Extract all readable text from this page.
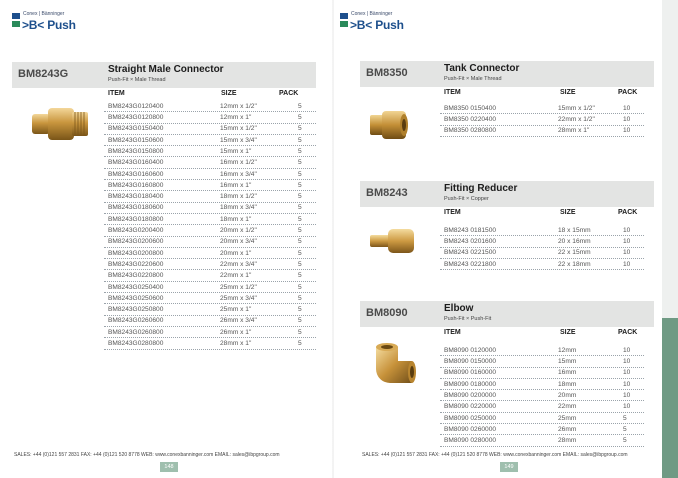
Conex | Bänninger
>B< Push
BM8243G	Straight Male Connector
Push-Fit × Male Thread
ITEM	SIZE	PACK
BM8243G0120400	12mm x 1/2"	5
BM8243G0120800	12mm x 1"	5
BM8243G0150400	15mm x 1/2"	5
BM8243G0150600	15mm x 3/4"	5
BM8243G0150800	15mm x 1"	5
BM8243G0160400	16mm x 1/2"	5
BM8243G0160600	16mm x 3/4"	5
BM8243G0160800	16mm x 1"	5
BM8243G0180400	18mm x 1/2"	5
BM8243G0180600	18mm x 3/4"	5
BM8243G0180800	18mm x 1"	5
BM8243G0200400	20mm x 1/2"	5
BM8243G0200600	20mm x 3/4"	5
BM8243G0200800	20mm x 1"	5
BM8243G0220600	22mm x 3/4"	5
BM8243G0220800	22mm x 1"	5
BM8243G0250400	25mm x 1/2"	5
BM8243G0250600	25mm x 3/4"	5
BM8243G0250800	25mm x 1"	5
BM8243G0260600	26mm x 3/4"	5
BM8243G0260800	26mm x 1"	5
BM8243G0280800	28mm x 1"	5
SALES: +44 (0)121 557 2831 FAX: +44 (0)121 520 8778 WEB: www.conexbanninger.com EMAIL: sales@ibpgroup.com
148
Conex | Bänninger
>B< Push
BM8350	Tank Connector
Push-Fit × Male Thread
ITEM	SIZE	PACK
BM8350 0150400	15mm x 1/2"	10
BM8350 0220400	22mm x 1/2"	10
BM8350 0280800	28mm x 1"	10
BM8243	Fitting Reducer
Push-Fit × Copper
ITEM	SIZE	PACK
BM8243 0181500	18 x 15mm	10
BM8243 0201600	20 x 16mm	10
BM8243 0221500	22 x 15mm	10
BM8243 0221800	22 x 18mm	10
BM8090	Elbow
Push-Fit × Push-Fit
ITEM	SIZE	PACK
BM8090 0120000	12mm	10
BM8090 0150000	15mm	10
BM8090 0160000	16mm	10
BM8090 0180000	18mm	10
BM8090 0200000	20mm	10
BM8090 0220000	22mm	10
BM8090 0250000	25mm	5
BM8090 0260000	26mm	5
BM8090 0280000	28mm	5
SALES: +44 (0)121 557 2831 FAX: +44 (0)121 520 8778 WEB: www.conexbanninger.com EMAIL: sales@ibpgroup.com
149
